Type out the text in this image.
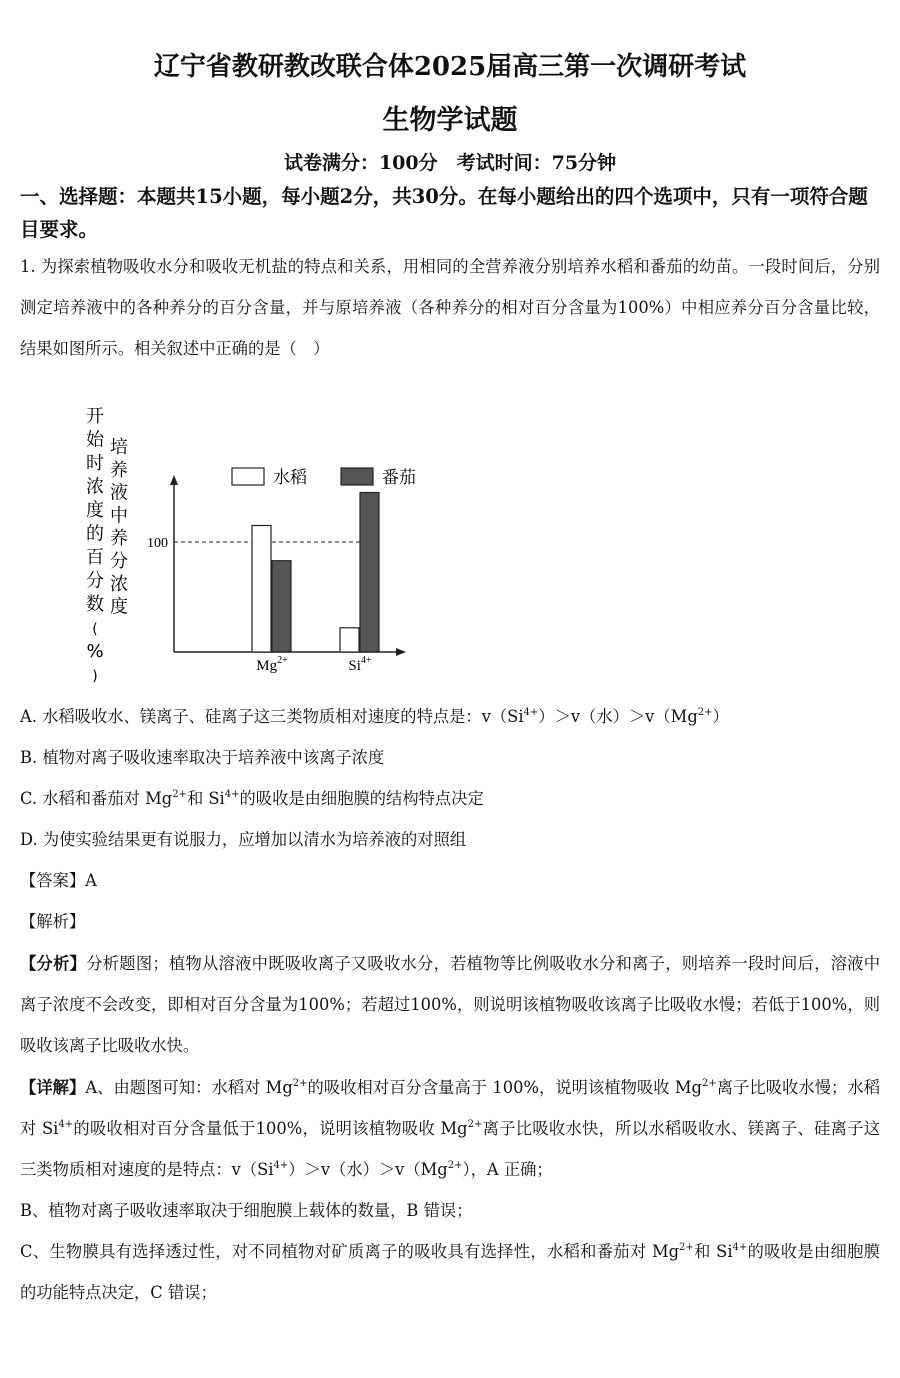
辽宁省教研教改联合体2025届高三第一次调研考试
生物学试题
试卷满分：100分　考试时间：75分钟
一、选择题：本题共15小题，每小题2分，共30分。在每小题给出的四个选项中，只有一项符合题目要求。
1. 为探索植物吸收水分和吸收无机盐的特点和关系，用相同的全营养液分别培养水稻和番茄的幼苗。一段时间后，分别测定培养液中的各种养分的百分含量，并与原培养液（各种养分的相对百分含量为100%）中相应养分百分含量比较，结果如图所示。相关叙述中正确的是（　）
100
$Mg^{2+}$	$Si^{4+}$
水稻	番茄
开始时浓度的百分数( % )
培养液中养分浓度
A. 水稻吸收水、镁离子、硅离子这三类物质相对速度的特点是：$v(Si^{4+})>v$（水）$>v(Mg^{2+})$
B. 植物对离子吸收速率取决于培养液中该离子浓度
C. 水稻和番茄对 $Mg^{2+}$和 $Si^{4+}$的吸收是由细胞膜的结构特点决定
D. 为使实验结果更有说服力，应增加以清水为培养液的对照组
【答案】A
【解析】
【分析】分析题图；植物从溶液中既吸收离子又吸收水分，若植物等比例吸收水分和离子，则培养一段时间后，溶液中离子浓度不会改变，即相对百分含量为100%；若超过100%，则说明该植物吸收该离子比吸收水慢；若低于100%，则吸收该离子比吸收水快。
【详解】A、由题图可知：水稻对 $Mg^{2+}$的吸收相对百分含量高于 100%，说明该植物吸收 $Mg^{2+}$离子比吸收水慢；水稻对 $Si^{4+}$的吸收相对百分含量低于100%，说明该植物吸收 $Mg^{2+}$离子比吸收水快，所以水稻吸收水、镁离子、硅离子这三类物质相对速度的是特点：$v(Si^{4+})>v$（水）$>v(Mg^{2+})$，A 正确；
B、植物对离子吸收速率取决于细胞膜上载体的数量，B 错误；
C、生物膜具有选择透过性，对不同植物对矿质离子的吸收具有选择性，水稻和番茄对 $Mg^{2+}$和 $Si^{4+}$的吸收是由细胞膜的功能特点决定，C 错误；
